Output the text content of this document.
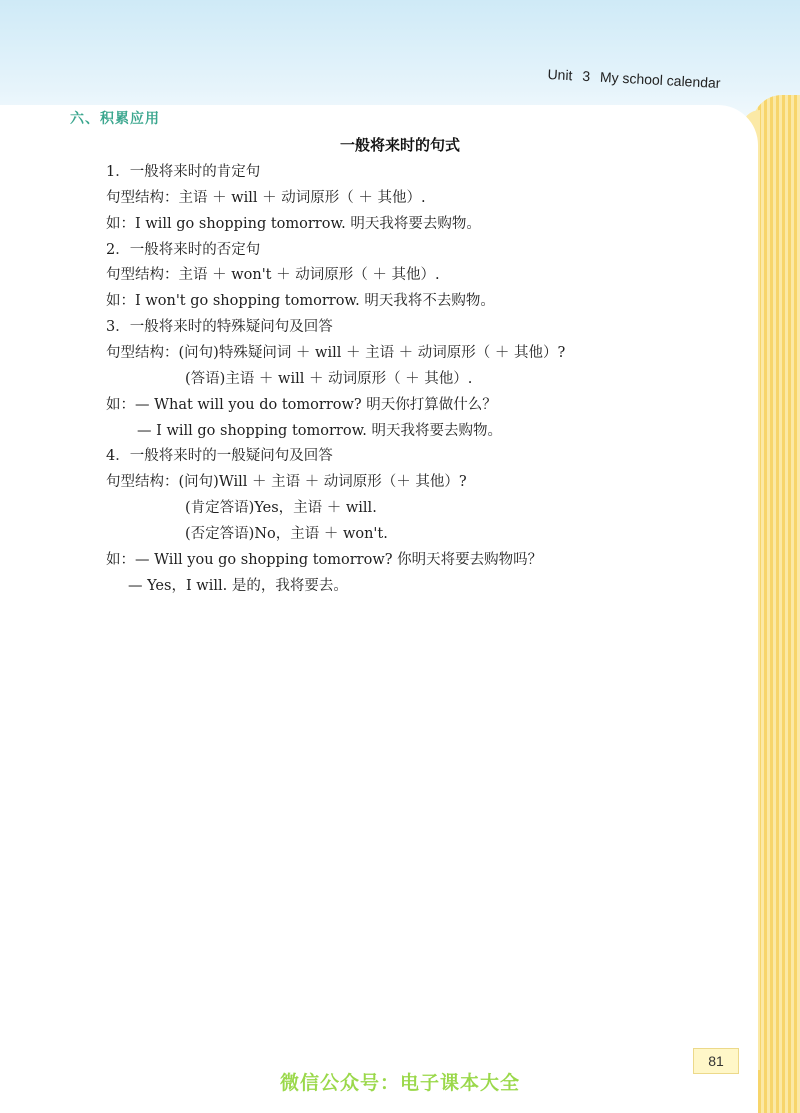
Unit 3 My school calendar
六、积累应用
一般将来时的句式
1．一般将来时的肯定句
句型结构：主语 ＋ will ＋ 动词原形（ ＋ 其他）.
如：I will go shopping tomorrow. 明天我将要去购物。
2．一般将来时的否定句
句型结构：主语 ＋ won't ＋ 动词原形（ ＋ 其他）.
如：I won't go shopping tomorrow. 明天我将不去购物。
3．一般将来时的特殊疑问句及回答
句型结构：(问句)特殊疑问词 ＋ will ＋ 主语 ＋ 动词原形（ ＋ 其他）?
(答语)主语 ＋ will ＋ 动词原形（ ＋ 其他）.
如：— What will you do tomorrow? 明天你打算做什么？
— I will go shopping tomorrow. 明天我将要去购物。
4．一般将来时的一般疑问句及回答
句型结构：(问句)Will ＋ 主语 ＋ 动词原形（＋ 其他）?
(肯定答语)Yes，主语 ＋ will.
(否定答语)No，主语 ＋ won't.
如：— Will you go shopping tomorrow? 你明天将要去购物吗？
— Yes，I will. 是的，我将要去。
81
微信公众号：电子课本大全
